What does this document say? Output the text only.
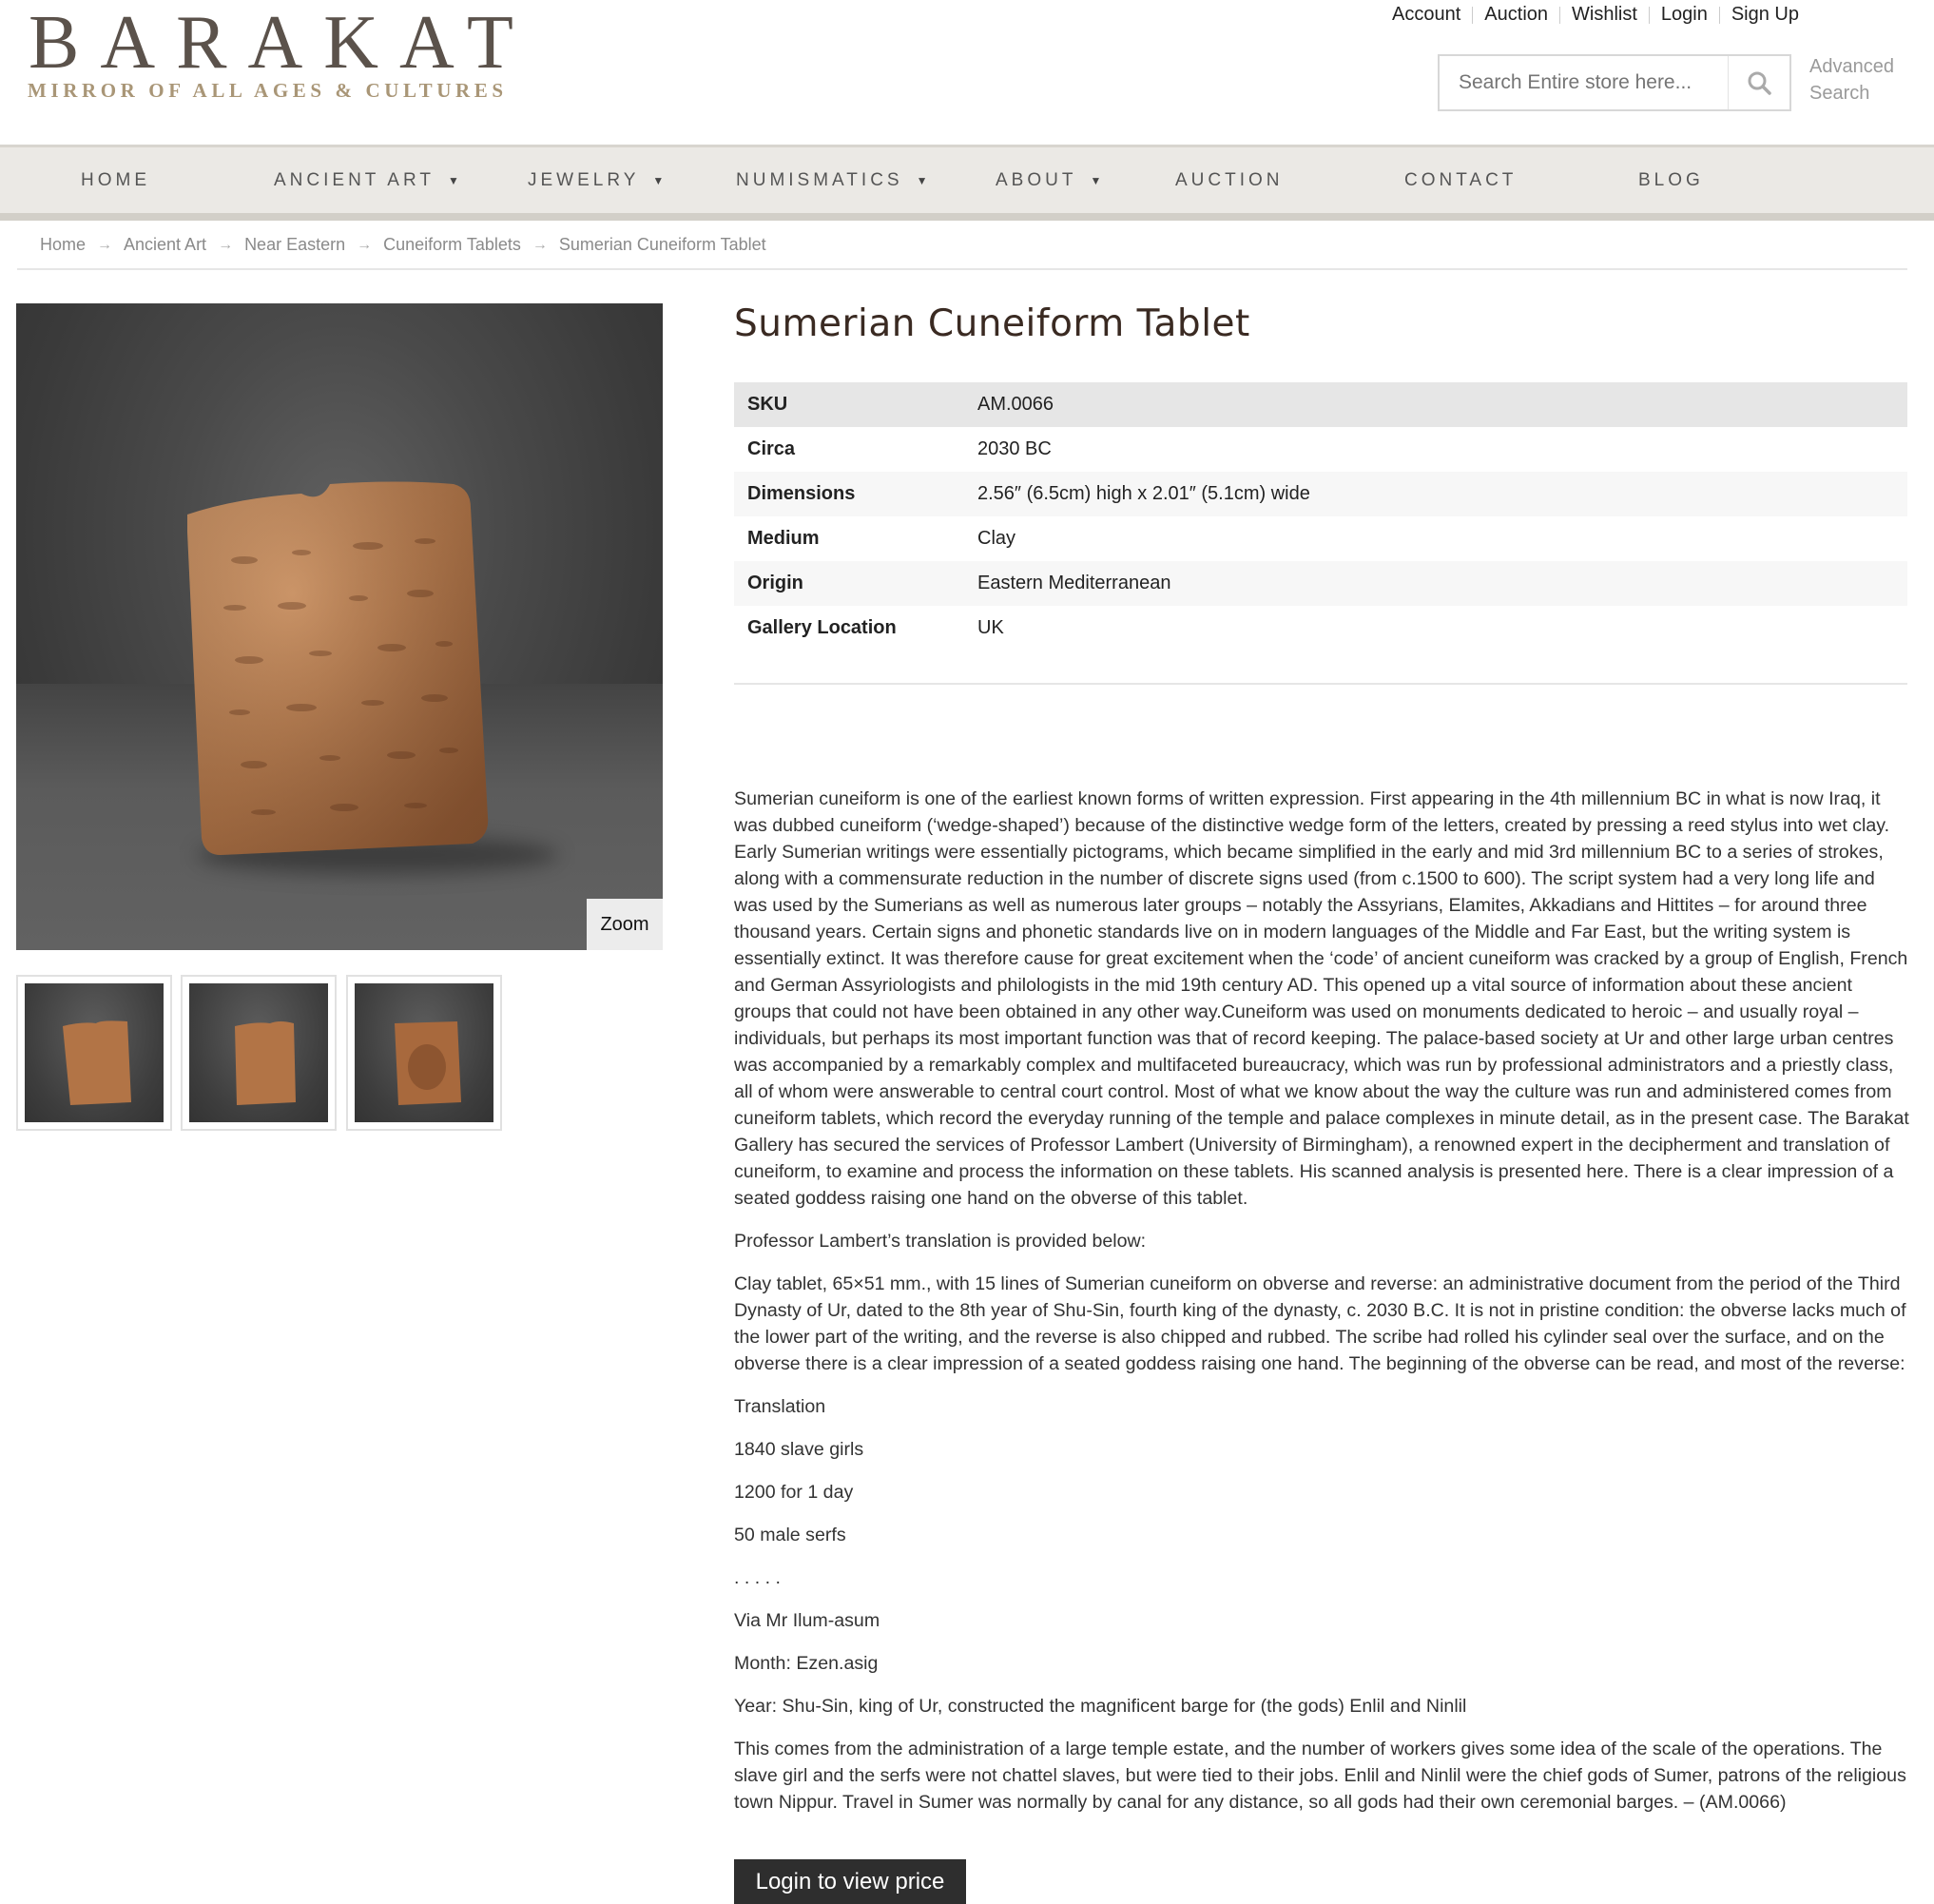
BARAKAT
MIRROR OF ALL AGES & CULTURES
Account	Auction	Wishlist	Login	Sign Up
Search Entire store here...
Advanced Search
HOME	ANCIENT ART ▼	JEWELRY ▼	NUMISMATICS ▼	ABOUT ▼	AUCTION	CONTACT	BLOG
Home → Ancient Art → Near Eastern → Cuneiform Tablets → Sumerian Cuneiform Tablet
Zoom
Sumerian Cuneiform Tablet
SKU	AM.0066
Circa	2030 BC
Dimensions	2.56″ (6.5cm) high x 2.01″ (5.1cm) wide
Medium	Clay
Origin	Eastern Mediterranean
Gallery Location	UK

Sumerian cuneiform is one of the earliest known forms of written expression. First appearing in the 4th millennium BC in what is now Iraq, it was dubbed cuneiform (‘wedge-shaped’) because of the distinctive wedge form of the letters, created by pressing a reed stylus into wet clay. Early Sumerian writings were essentially pictograms, which became simplified in the early and mid 3rd millennium BC to a series of strokes, along with a commensurate reduction in the number of discrete signs used (from c.1500 to 600). The script system had a very long life and was used by the Sumerians as well as numerous later groups – notably the Assyrians, Elamites, Akkadians and Hittites – for around three thousand years. Certain signs and phonetic standards live on in modern languages of the Middle and Far East, but the writing system is essentially extinct. It was therefore cause for great excitement when the ‘code’ of ancient cuneiform was cracked by a group of English, French and German Assyriologists and philologists in the mid 19th century AD. This opened up a vital source of information about these ancient groups that could not have been obtained in any other way.Cuneiform was used on monuments dedicated to heroic – and usually royal – individuals, but perhaps its most important function was that of record keeping. The palace-based society at Ur and other large urban centres was accompanied by a remarkably complex and multifaceted bureaucracy, which was run by professional administrators and a priestly class, all of whom were answerable to central court control. Most of what we know about the way the culture was run and administered comes from cuneiform tablets, which record the everyday running of the temple and palace complexes in minute detail, as in the present case. The Barakat Gallery has secured the services of Professor Lambert (University of Birmingham), a renowned expert in the decipherment and translation of cuneiform, to examine and process the information on these tablets. His scanned analysis is presented here. There is a clear impression of a seated goddess raising one hand on the obverse of this tablet.

Professor Lambert’s translation is provided below:

Clay tablet, 65×51 mm., with 15 lines of Sumerian cuneiform on obverse and reverse: an administrative document from the period of the Third Dynasty of Ur, dated to the 8th year of Shu-Sin, fourth king of the dynasty, c. 2030 B.C. It is not in pristine condition: the obverse lacks much of the lower part of the writing, and the reverse is also chipped and rubbed. The scribe had rolled his cylinder seal over the surface, and on the obverse there is a clear impression of a seated goddess raising one hand. The beginning of the obverse can be read, and most of the reverse:

Translation

1840 slave girls

1200 for 1 day

50 male serfs

. . . . .

Via Mr Ilum-asum

Month: Ezen.asig

Year: Shu-Sin, king of Ur, constructed the magnificent barge for (the gods) Enlil and Ninlil

This comes from the administration of a large temple estate, and the number of workers gives some idea of the scale of the operations. The slave girl and the serfs were not chattel slaves, but were tied to their jobs. Enlil and Ninlil were the chief gods of Sumer, patrons of the religious town Nippur. Travel in Sumer was normally by canal for any distance, so all gods had their own ceremonial barges. – (AM.0066)

Login to view price
